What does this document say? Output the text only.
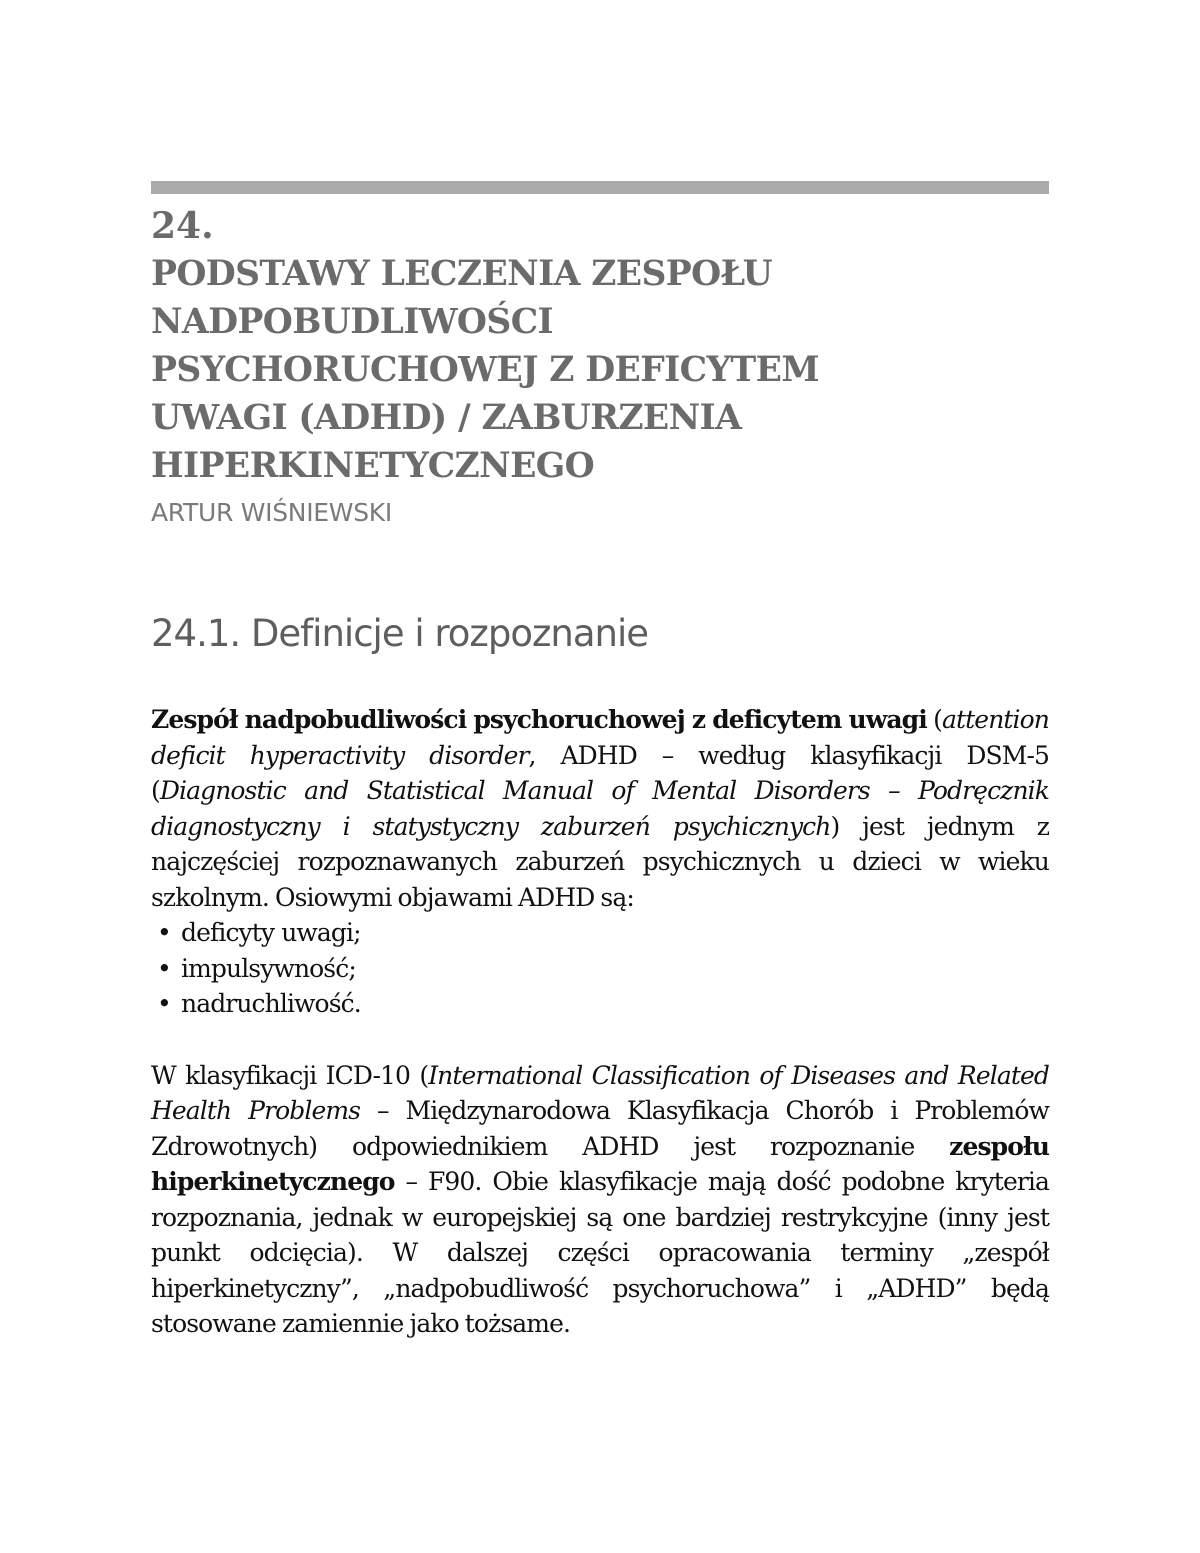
24.
PODSTAWY LECZENIA ZESPOŁU
NADPOBUDLIWOŚCI
PSYCHORUCHOWEJ Z DEFICYTEM
UWAGI (ADHD) / ZABURZENIA
HIPERKINETYCZNEGO
ARTUR WIŚNIEWSKI
24.1. Definicje i rozpoznanie
Zespół nadpobudliwości psychoruchowej z deficytem uwagi (attention deficit hyperactivity disorder, ADHD – według klasyfikacji DSM-5 (Diagnostic and Statistical Manual of Mental Disorders – Podręcznik diagnostyczny i statystyczny zaburzeń psychicznych) jest jednym z najczęściej rozpoznawanych zaburzeń psychicznych u dzieci w wieku szkolnym. Osiowymi objawami ADHD są:
• deficyty uwagi;
• impulsywność;
• nadruchliwość.
W klasyfikacji ICD-10 (International Classification of Diseases and Related Health Problems – Międzynarodowa Klasyfikacja Chorób i Problemów Zdrowotnych) odpowiednikiem ADHD jest rozpoznanie zespołu hiperkinetycznego – F90. Obie klasyfikacje mają dość podobne kryteria rozpoznania, jednak w europejskiej są one bardziej restrykcyjne (inny jest punkt odcięcia). W dalszej części opracowania terminy „zespół hiperkinetyczny”, „nadpobudliwość psychoruchowa” i „ADHD” będą stosowane zamiennie jako tożsame.
